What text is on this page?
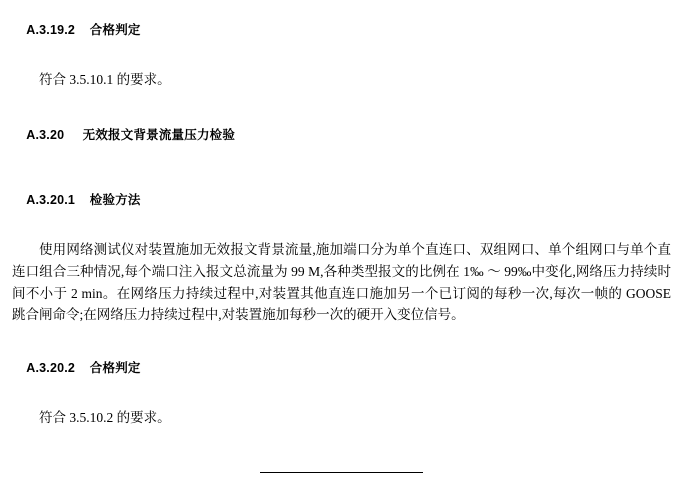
A.3.19.2 合格判定

符合 3.5.10.1 的要求。

A.3.20 无效报文背景流量压力检验

A.3.20.1 检验方法

使用网络测试仪对装置施加无效报文背景流量,施加端口分为单个直连口、双组网口、单个组网口与单个直连口组合三种情况,每个端口注入报文总流量为 99 M,各种类型报文的比例在 1‰ ～ 99‰中变化,网络压力持续时间不小于 2 min。在网络压力持续过程中,对装置其他直连口施加另一个已订阅的每秒一次,每次一帧的 GOOSE 跳合闸命令;在网络压力持续过程中,对装置施加每秒一次的硬开入变位信号。

A.3.20.2 合格判定

符合 3.5.10.2 的要求。
